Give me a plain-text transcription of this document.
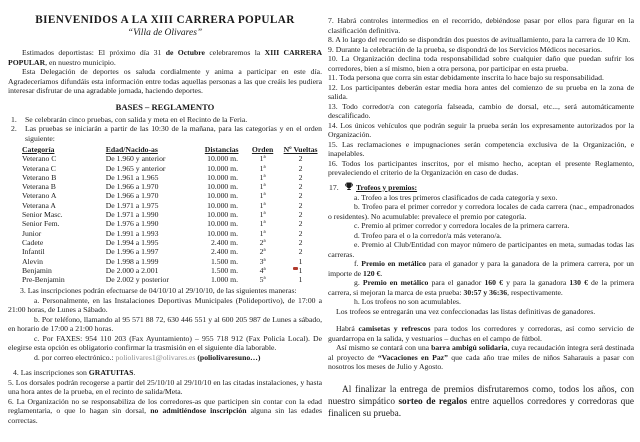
BIENVENIDOS A LA XIII CARRERA POPULAR
“Villa de Olivares”

Estimados deportistas: El próximo día 31 de Octubre celebraremos la XIII CARRERA POPULAR, en nuestro municipio.

Esta Delegación de deportes os saluda cordialmente y anima a participar en este día. Agradeceríamos difundáis esta información entre todas aquellas personas a las que creáis les pudiera interesar disfrutar de una agradable jornada, haciendo deportes.

BASES – REGLAMENTO
1.	Se celebrarán cinco pruebas, con salida y meta en el Recinto de la Feria.

2.	Las pruebas se iniciarán a partir de las 10:30 de la mañana, para las categorías y en el orden siguiente:

Categoría	Edad/Nacido-as	Distancias	Orden	Nº Vueltas
Veterano C	De 1.960 y anterior	10.000 m.	1ª	2
Veterana C	De 1.965 y anterior	10.000 m.	1ª	2
Veterano B	De 1.961 a 1.965	10.000 m.	1ª	2
Veterana B	De 1.966 a 1.970	10.000 m.	1ª	2
Veterano A	De 1.966 a 1.970	10.000 m.	1ª	2
Veterana A	De 1.971 a 1.975	10.000 m.	1ª	2
Senior Masc.	De 1.971 a 1.990	10.000 m.	1ª	2
Senior Fem.	De 1.976 a 1.990	10.000 m.	1ª	2
Junior	De 1.991 a 1.993	10.000 m.	1ª	2
Cadete	De 1.994 a 1.995	2.400 m.	2ª	2
Infantil	De 1.996 a 1.997	2.400 m.	2ª	2
Alevin	De 1.998 a 1.999	1.500 m.	3ª	1
Benjamin	De 2.000 a 2.001	1.500 m.	4ª	1
Pre-Benjamin	De 2.002 y posterior	1.000 m.	5ª	1

3. Las inscripciones podrán efectuarse de 04/10/10 al 29/10/10, de las siguientes maneras:

a. Personalmente, en las Instalaciones Deportivas Municipales (Polideportivo), de 17:00 a 21:00 horas, de Lunes a Sábado.

b. Por teléfono, llamando al 95 571 88 72, 630 446 551 y al 600 205 987 de Lunes a sábado, en horario de 17:00 a 21:00 horas.

c. Por FAXES: 954 110 203 (Fax Ayuntamiento) – 955 718 912 (Fax Policía Local). De elegirse esta opción es obligatorio confirmar la trasmisión en el siguiente día laborable.

d. por correo electrónico.: poliolivares1@olivares.es (poliolivaresuno…)

4. Las inscripciones son GRATUITAS.

5. Los dorsales podrán recogerse a partir del 25/10/10 al 29/10/10 en las citadas instalaciones, y hasta una hora antes de la prueba, en el recinto de salida/Meta.

6. La Organización no se responsabiliza de los corredores-as que participen sin contar con la edad reglamentaria, o que lo hagan sin dorsal, no admitiéndose inscripción alguna sin las edades correctas.

7. Habrá controles intermedios en el recorrido, debiéndose pasar por ellos para figurar en la clasificación definitiva.

8. A lo largo del recorrido se dispondrán dos puestos de avituallamiento, para la carrera de 10 Km.

9. Durante la celebración de la prueba, se dispondrá de los Servicios Médicos necesarios.

10. La Organización declina toda responsabilidad sobre cualquier daño que puedan sufrir los corredores, bien a sí mismo, bien a otra persona, por participar en esta prueba.

11. Toda persona que corra sin estar debidamente inscrita lo hace bajo su responsabilidad.

12. Los participantes deberán estar media hora antes del comienzo de su prueba en la zona de salida.

13. Todo corredor/a con categoría falseada, cambio de dorsal, etc..., será automáticamente descalificado.

14. Los únicos vehículos que podrán seguir la prueba serán los expresamente autorizados por la Organización.

15. Las reclamaciones e impugnaciones serán competencia exclusiva de la Organización, e inapelables.

16. Todos los participantes inscritos, por el mismo hecho, aceptan el presente Reglamento, prevaleciendo el criterio de la Organización en caso de dudas.

17.	Trofeos y premios:

a. Trofeo a los tres primeros clasificados de cada categoría y sexo.

b. Trofeo para el primer corredor y corredora locales de cada carrera (nac., empadronados o residentes). No acumulable: prevalece el premio por categoría.

c. Premio al primer corredor y corredora locales de la primera carrera.

d. Trofeo para el o la corredor/a más veterano/a.

e. Premio al Club/Entidad con mayor número de participantes en meta, sumadas todas las carreras.

f. Premio en metálico para el ganador y para la ganadora de la primera carrera, por un importe de 120 €.

g. Premio en metálico para el ganador 160 € y para la ganadora 130 € de la primera carrera, si mejoran la marca de esta prueba: 30:57 y 36:36, respectivamente.

h. Los trofeos no son acumulables.

Los trofeos se entregarán una vez confeccionadas las listas definitivas de ganadores.

Habrá camisetas y refrescos para todos los corredores y corredoras, así como servicio de guardarropa en la salida, y vestuarios – duchas en el campo de fútbol.

Así mismo se contará con una barra ambigú solidaria, cuya recaudación íntegra será destinada al proyecto de “Vacaciones en Paz” que cada año trae miles de niños Saharauis a pasar con nosotros los meses de Julio y Agosto.

Al finalizar la entrega de premios disfrutaremos como, todos los años, con nuestro simpático sorteo de regalos entre aquellos corredores y corredoras que finalicen su prueba.
